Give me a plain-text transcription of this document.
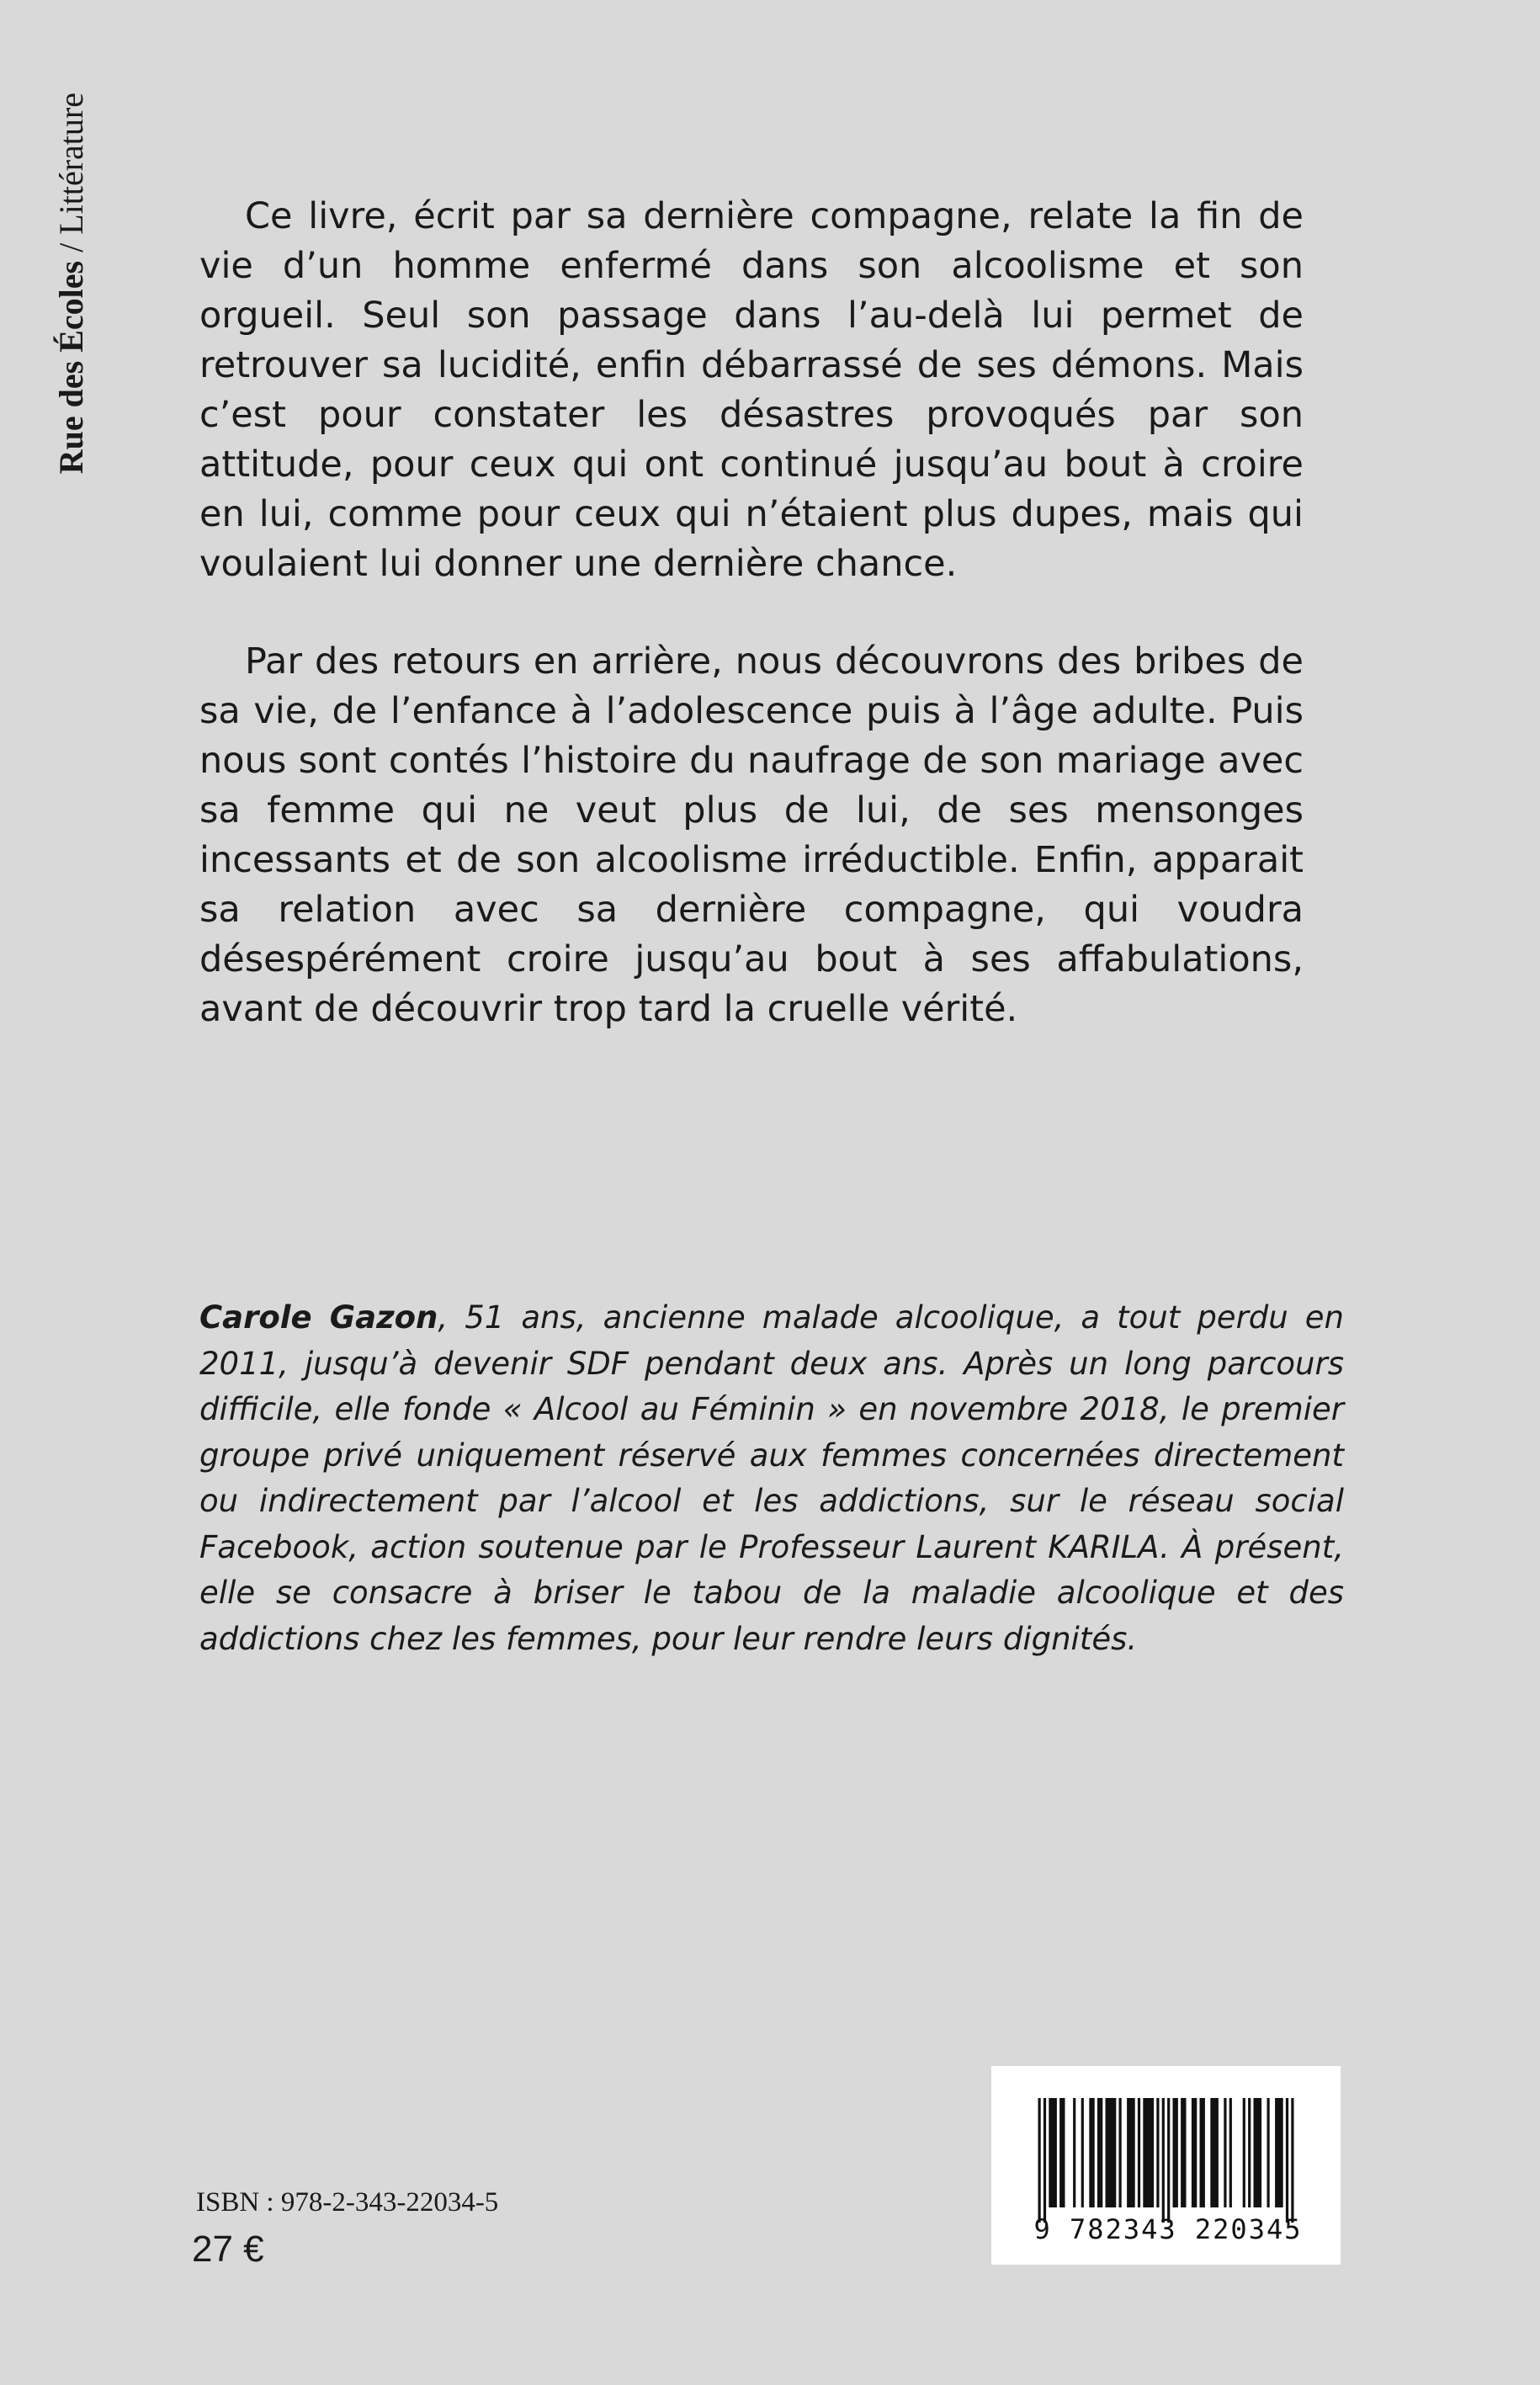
Rue des Écoles / Littérature	Ce livre, écrit par sa dernière compagne, relate la fin de vie d’un homme enfermé dans son alcoolisme et son orgueil. Seul son passage dans l’au-delà lui permet de retrouver sa lucidité, enfin débarrassé de ses démons. Mais c’est pour constater les désastres provoqués par son attitude, pour ceux qui ont continué jusqu’au bout à croire en lui, comme pour ceux qui n’étaient plus dupes, mais qui voulaient lui donner une dernière chance.

Par des retours en arrière, nous découvrons des bribes de sa vie, de l’enfance à l’adolescence puis à l’âge adulte. Puis nous sont contés l’histoire du naufrage de son mariage avec sa femme qui ne veut plus de lui, de ses mensonges incessants et de son alcoolisme irréductible. Enfin, apparait sa relation avec sa dernière compagne, qui voudra désespérément croire jusqu’au bout à ses affabulations, avant de découvrir trop tard la cruelle vérité.

Carole Gazon, 51 ans, ancienne malade alcoolique, a tout perdu en 2011, jusqu’à devenir SDF pendant deux ans. Après un long parcours difficile, elle fonde « Alcool au Féminin » en novembre 2018, le premier groupe privé uniquement réservé aux femmes concernées directement ou indirectement par l’alcool et les addictions, sur le réseau social Facebook, action soutenue par le Professeur Laurent KARILA. À présent, elle se consacre à briser le tabou de la maladie alcoolique et des addictions chez les femmes, pour leur rendre leurs dignités.

ISBN : 978-2-343-22034-5
27 €	9 782343 220345
